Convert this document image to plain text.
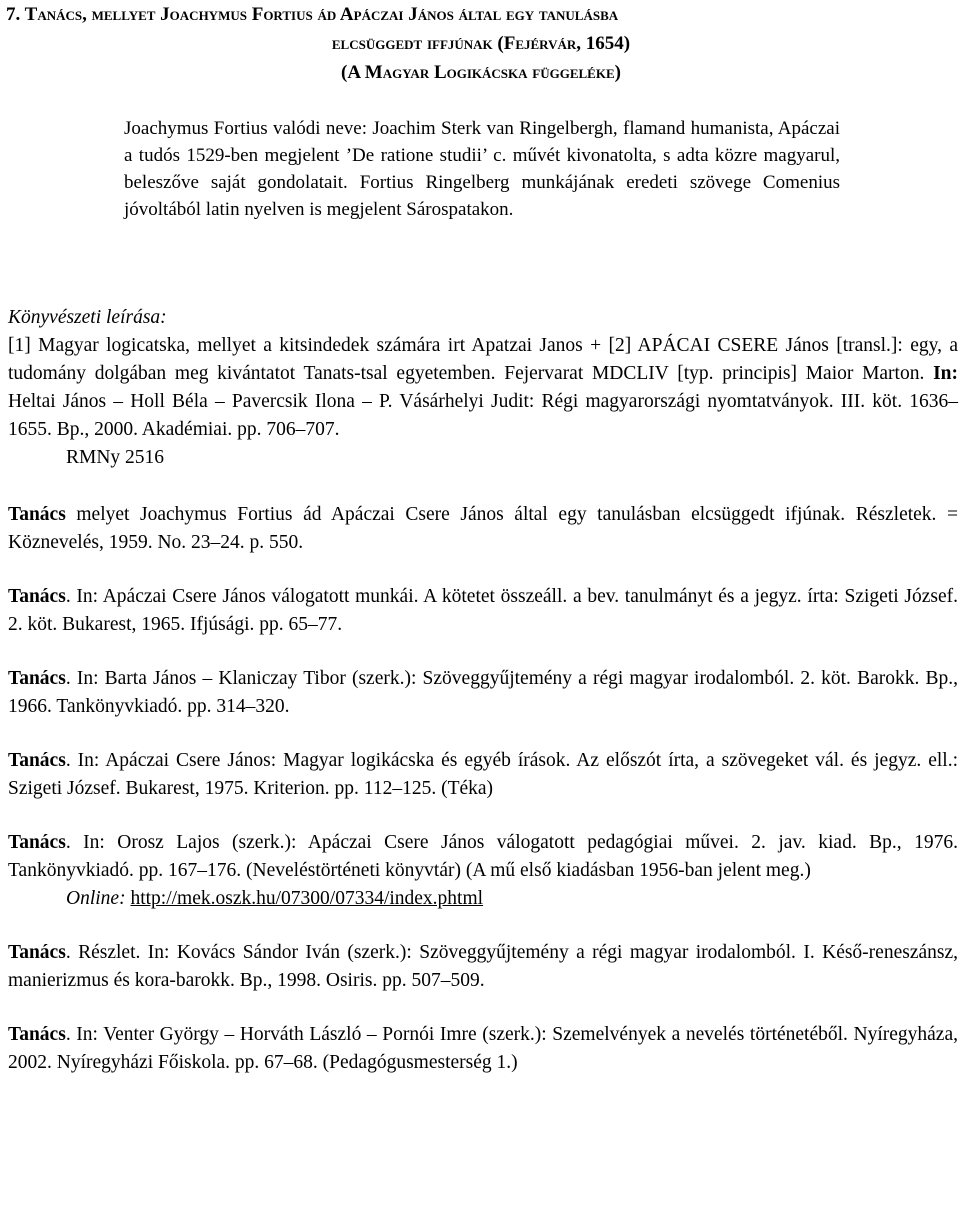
7. Tanács, mellyet Joachymus Fortius ád Apáczai János által egy tanulásba
elcsüggedt iffjúnak (Fejérvár, 1654)
(A Magyar Logikácska függeléke)

Joachymus Fortius valódi neve: Joachim Sterk van Ringelbergh, flamand humanista, Apáczai a tudós 1529-ben megjelent ’De ratione studii’ c. művét kivonatolta, s adta közre magyarul, beleszőve saját gondolatait. Fortius Ringelberg munkájának eredeti szövege Comenius jóvoltából latin nyelven is megjelent Sárospatakon.

Könyvészeti leírása:

[1] Magyar logicatska, mellyet a kitsindedek számára irt Apatzai Janos + [2] APÁCAI CSERE János [transl.]: egy, a tudomány dolgában meg kivántatot Tanats-tsal egyetemben. Fejervarat MDCLIV [typ. principis] Maior Marton. In: Heltai János – Holl Béla – Pavercsik Ilona – P. Vásárhelyi Judit: Régi magyarországi nyomtatványok. III. köt. 1636–1655. Bp., 2000. Akadémiai. pp. 706–707.

RMNy 2516

Tanács melyet Joachymus Fortius ád Apáczai Csere János által egy tanulásban elcsüggedt ifjúnak. Részletek. = Köznevelés, 1959. No. 23–24. p. 550.

Tanács. In: Apáczai Csere János válogatott munkái. A kötetet összeáll. a bev. tanulmányt és a jegyz. írta: Szigeti József. 2. köt. Bukarest, 1965. Ifjúsági. pp. 65–77.

Tanács. In: Barta János – Klaniczay Tibor (szerk.): Szöveggyűjtemény a régi magyar irodalomból. 2. köt. Barokk. Bp., 1966. Tankönyvkiadó. pp. 314–320.

Tanács. In: Apáczai Csere János: Magyar logikácska és egyéb írások. Az előszót írta, a szövegeket vál. és jegyz. ell.: Szigeti József. Bukarest, 1975. Kriterion. pp. 112–125. (Téka)

Tanács. In: Orosz Lajos (szerk.): Apáczai Csere János válogatott pedagógiai művei. 2. jav. kiad. Bp., 1976. Tankönyvkiadó. pp. 167–176. (Neveléstörténeti könyvtár) (A mű első kiadásban 1956-ban jelent meg.)

Online: http://mek.oszk.hu/07300/07334/index.phtml

Tanács. Részlet. In: Kovács Sándor Iván (szerk.): Szöveggyűjtemény a régi magyar irodalomból. I. Késő-reneszánsz, manierizmus és kora-barokk. Bp., 1998. Osiris. pp. 507–509.

Tanács. In: Venter György – Horváth László – Pornói Imre (szerk.): Szemelvények a nevelés történetéből. Nyíregyháza, 2002. Nyíregyházi Főiskola. pp. 67–68. (Pedagógusmesterség 1.)
